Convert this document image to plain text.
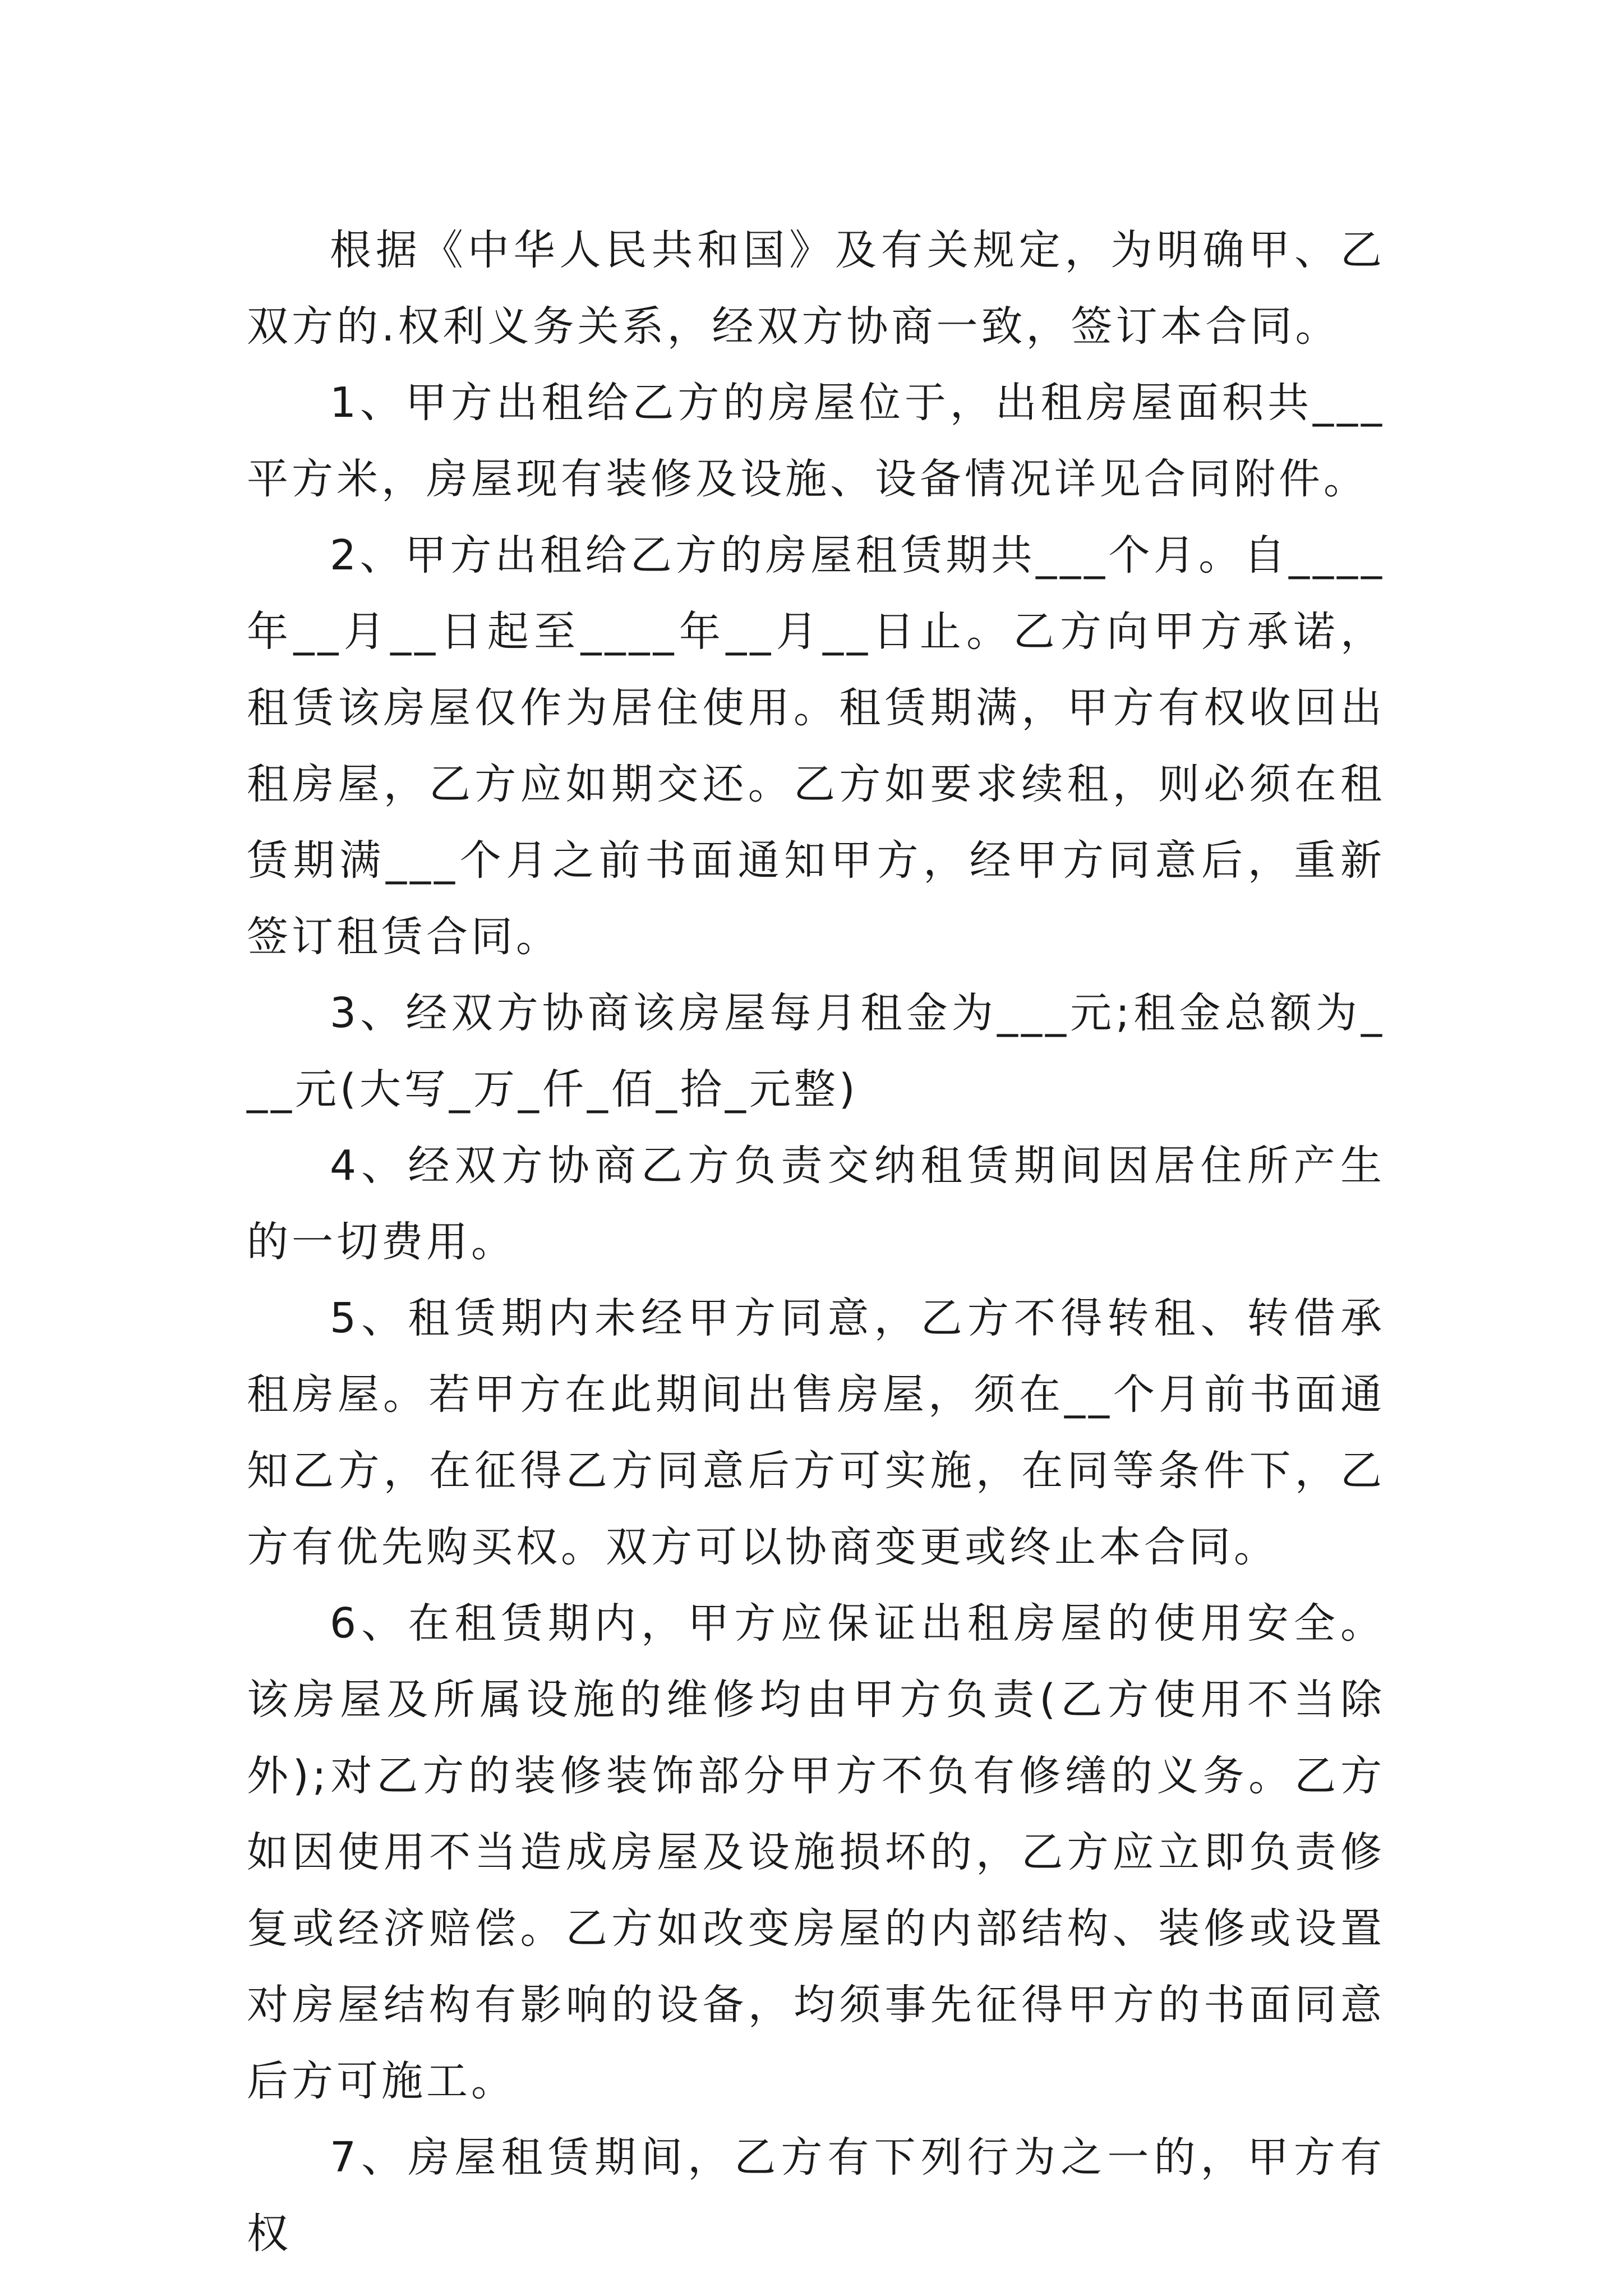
根据《中华人民共和国》及有关规定，为明确甲、乙双方的.权利义务关系，经双方协商一致，签订本合同。

1、甲方出租给乙方的房屋位于，出租房屋面积共___平方米，房屋现有装修及设施、设备情况详见合同附件。

2、甲方出租给乙方的房屋租赁期共___个月。自____年__月__日起至____年__月__日止。乙方向甲方承诺，租赁该房屋仅作为居住使用。租赁期满，甲方有权收回出租房屋，乙方应如期交还。乙方如要求续租，则必须在租赁期满___个月之前书面通知甲方，经甲方同意后，重新签订租赁合同。

3、经双方协商该房屋每月租金为___元;租金总额为___元(大写_万_仟_佰_拾_元整)

4、经双方协商乙方负责交纳租赁期间因居住所产生的一切费用。

5、租赁期内未经甲方同意，乙方不得转租、转借承租房屋。若甲方在此期间出售房屋，须在__个月前书面通知乙方，在征得乙方同意后方可实施，在同等条件下，乙方有优先购买权。双方可以协商变更或终止本合同。

6、在租赁期内，甲方应保证出租房屋的使用安全。该房屋及所属设施的维修均由甲方负责(乙方使用不当除外);对乙方的装修装饰部分甲方不负有修缮的义务。乙方如因使用不当造成房屋及设施损坏的，乙方应立即负责修复或经济赔偿。乙方如改变房屋的内部结构、装修或设置对房屋结构有影响的设备，均须事先征得甲方的书面同意后方可施工。

7、房屋租赁期间，乙方有下列行为之一的，甲方有权
